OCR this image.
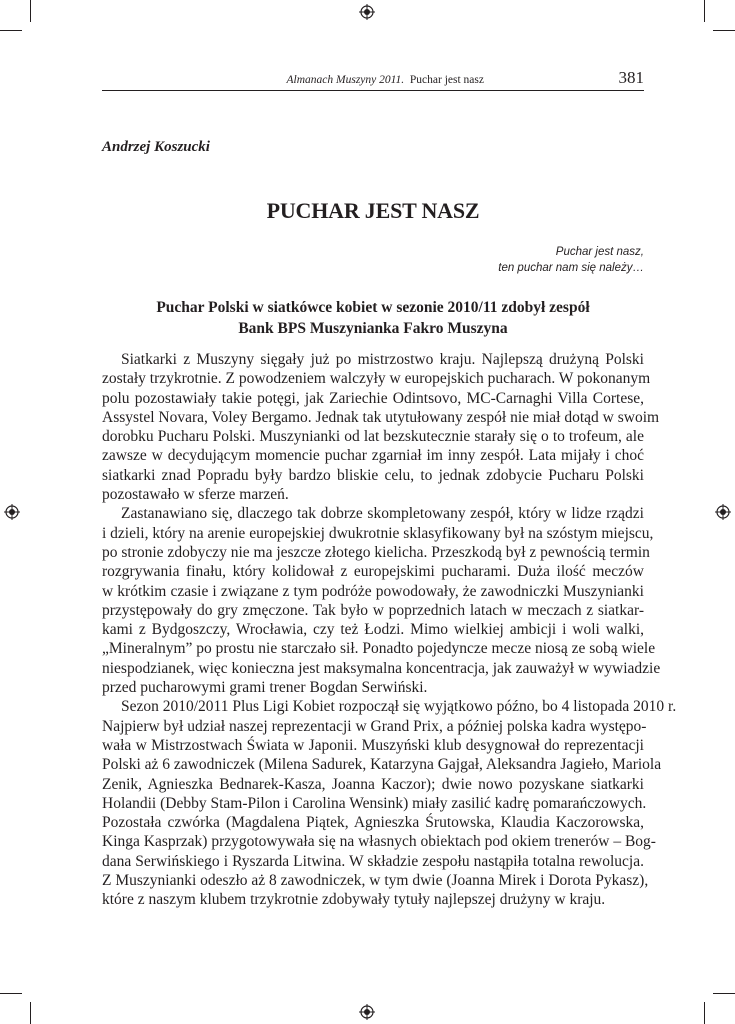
Almanach Muszyny 2011. Puchar jest nasz	381
Andrzej Koszucki
PUCHAR JEST NASZ
Puchar jest nasz,
ten puchar nam się należy…
Puchar Polski w siatkówce kobiet w sezonie 2010/11 zdobył zespół
Bank BPS Muszynianka Fakro Muszyna
Siatkarki z Muszyny sięgały już po mistrzostwo kraju. Najlepszą drużyną Polski
zostały trzykrotnie. Z powodzeniem walczyły w europejskich pucharach. W pokonanym
polu pozostawiały takie potęgi, jak Zariechie Odintsovo, MC-Carnaghi Villa Cortese,
Assystel Novara, Voley Bergamo. Jednak tak utytułowany zespół nie miał dotąd w swoim
dorobku Pucharu Polski. Muszynianki od lat bezskutecznie starały się o to trofeum, ale
zawsze w decydującym momencie puchar zgarniał im inny zespół. Lata mijały i choć
siatkarki znad Popradu były bardzo bliskie celu, to jednak zdobycie Pucharu Polski
pozostawało w sferze marzeń.
Zastanawiano się, dlaczego tak dobrze skompletowany zespół, który w lidze rządzi
i dzieli, który na arenie europejskiej dwukrotnie sklasyfikowany był na szóstym miejscu,
po stronie zdobyczy nie ma jeszcze złotego kielicha. Przeszkodą był z pewnością termin
rozgrywania finału, który kolidował z europejskimi pucharami. Duża ilość meczów
w krótkim czasie i związane z tym podróże powodowały, że zawodniczki Muszynianki
przystępowały do gry zmęczone. Tak było w poprzednich latach w meczach z siatkar-
kami z Bydgoszczy, Wrocławia, czy też Łodzi. Mimo wielkiej ambicji i woli walki,
„Mineralnym” po prostu nie starczało sił. Ponadto pojedyncze mecze niosą ze sobą wiele
niespodzianek, więc konieczna jest maksymalna koncentracja, jak zauważył w wywiadzie
przed pucharowymi grami trener Bogdan Serwiński.
Sezon 2010/2011 Plus Ligi Kobiet rozpoczął się wyjątkowo późno, bo 4 listopada 2010 r.
Najpierw był udział naszej reprezentacji w Grand Prix, a później polska kadra występo-
wała w Mistrzostwach Świata w Japonii. Muszyński klub desygnował do reprezentacji
Polski aż 6 zawodniczek (Milena Sadurek, Katarzyna Gajgał, Aleksandra Jagieło, Mariola
Zenik, Agnieszka Bednarek-Kasza, Joanna Kaczor); dwie nowo pozyskane siatkarki
Holandii (Debby Stam-Pilon i Carolina Wensink) miały zasilić kadrę pomarańczowych.
Pozostała czwórka (Magdalena Piątek, Agnieszka Śrutowska, Klaudia Kaczorowska,
Kinga Kasprzak) przygotowywała się na własnych obiektach pod okiem trenerów – Bog-
dana Serwińskiego i Ryszarda Litwina. W składzie zespołu nastąpiła totalna rewolucja.
Z Muszynianki odeszło aż 8 zawodniczek, w tym dwie (Joanna Mirek i Dorota Pykasz),
które z naszym klubem trzykrotnie zdobywały tytuły najlepszej drużyny w kraju.
